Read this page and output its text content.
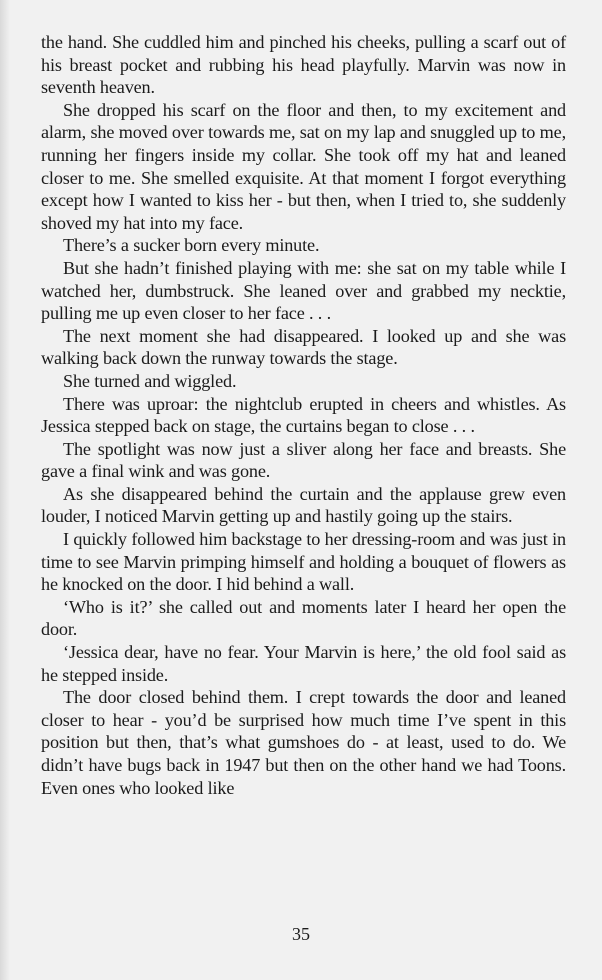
the hand. She cuddled him and pinched his cheeks, pulling a scarf out of his breast pocket and rubbing his head playfully. Marvin was now in seventh heaven.

She dropped his scarf on the floor and then, to my excitement and alarm, she moved over towards me, sat on my lap and snuggled up to me, running her fingers inside my collar. She took off my hat and leaned closer to me. She smelled exquisite. At that moment I forgot everything except how I wanted to kiss her - but then, when I tried to, she suddenly shoved my hat into my face.

There’s a sucker born every minute.

But she hadn’t finished playing with me: she sat on my table while I watched her, dumbstruck. She leaned over and grabbed my necktie, pulling me up even closer to her face . . .

The next moment she had disappeared. I looked up and she was walking back down the runway towards the stage.

She turned and wiggled.

There was uproar: the nightclub erupted in cheers and whistles. As Jessica stepped back on stage, the curtains began to close . . .

The spotlight was now just a sliver along her face and breasts. She gave a final wink and was gone.

As she disappeared behind the curtain and the applause grew even louder, I noticed Marvin getting up and hastily going up the stairs.

I quickly followed him backstage to her dressing-room and was just in time to see Marvin primping himself and holding a bouquet of flowers as he knocked on the door. I hid behind a wall.

‘Who is it?’ she called out and moments later I heard her open the door.

‘Jessica dear, have no fear. Your Marvin is here,’ the old fool said as he stepped inside.

The door closed behind them. I crept towards the door and leaned closer to hear - you’d be surprised how much time I’ve spent in this position but then, that’s what gumshoes do - at least, used to do. We didn’t have bugs back in 1947 but then on the other hand we had Toons. Even ones who looked like

35
